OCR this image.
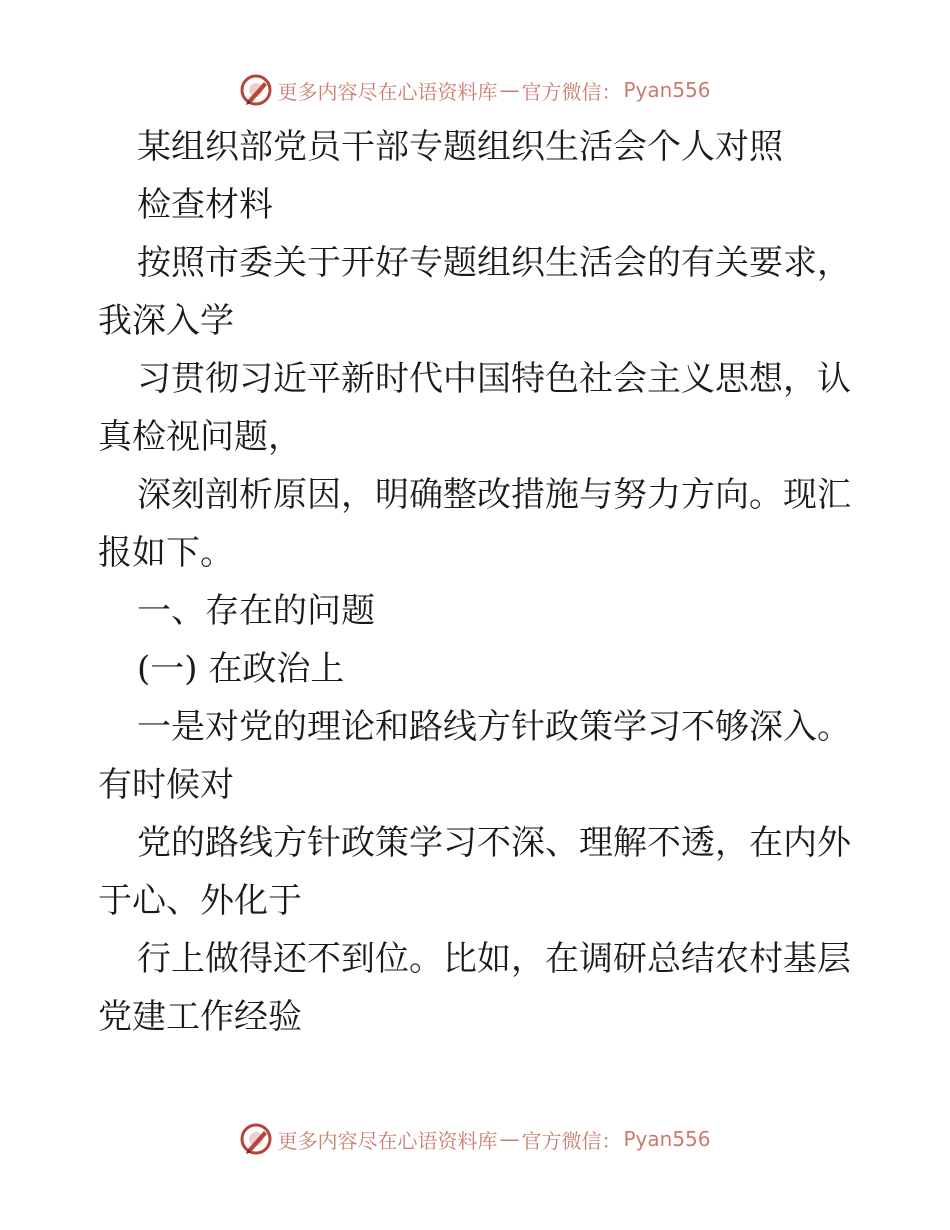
更多内容尽在心语资料库 — 官方微信： Pyan556
某组织部党员干部专题组织生活会个人对照
检查材料
按照市委关于开好专题组织生活会的有关要求，
我深入学
习贯彻习近平新时代中国特色社会主义思想，认
真检视问题，
深刻剖析原因，明确整改措施与努力方向。现汇
报如下。
一、存在的问题
(一) 在政治上
一是对党的理论和路线方针政策学习不够深入。
有时候对
党的路线方针政策学习不深、理解不透，在内外
于心、外化于
行上做得还不到位。比如，在调研总结农村基层
党建工作经验
更多内容尽在心语资料库 — 官方微信： Pyan556
